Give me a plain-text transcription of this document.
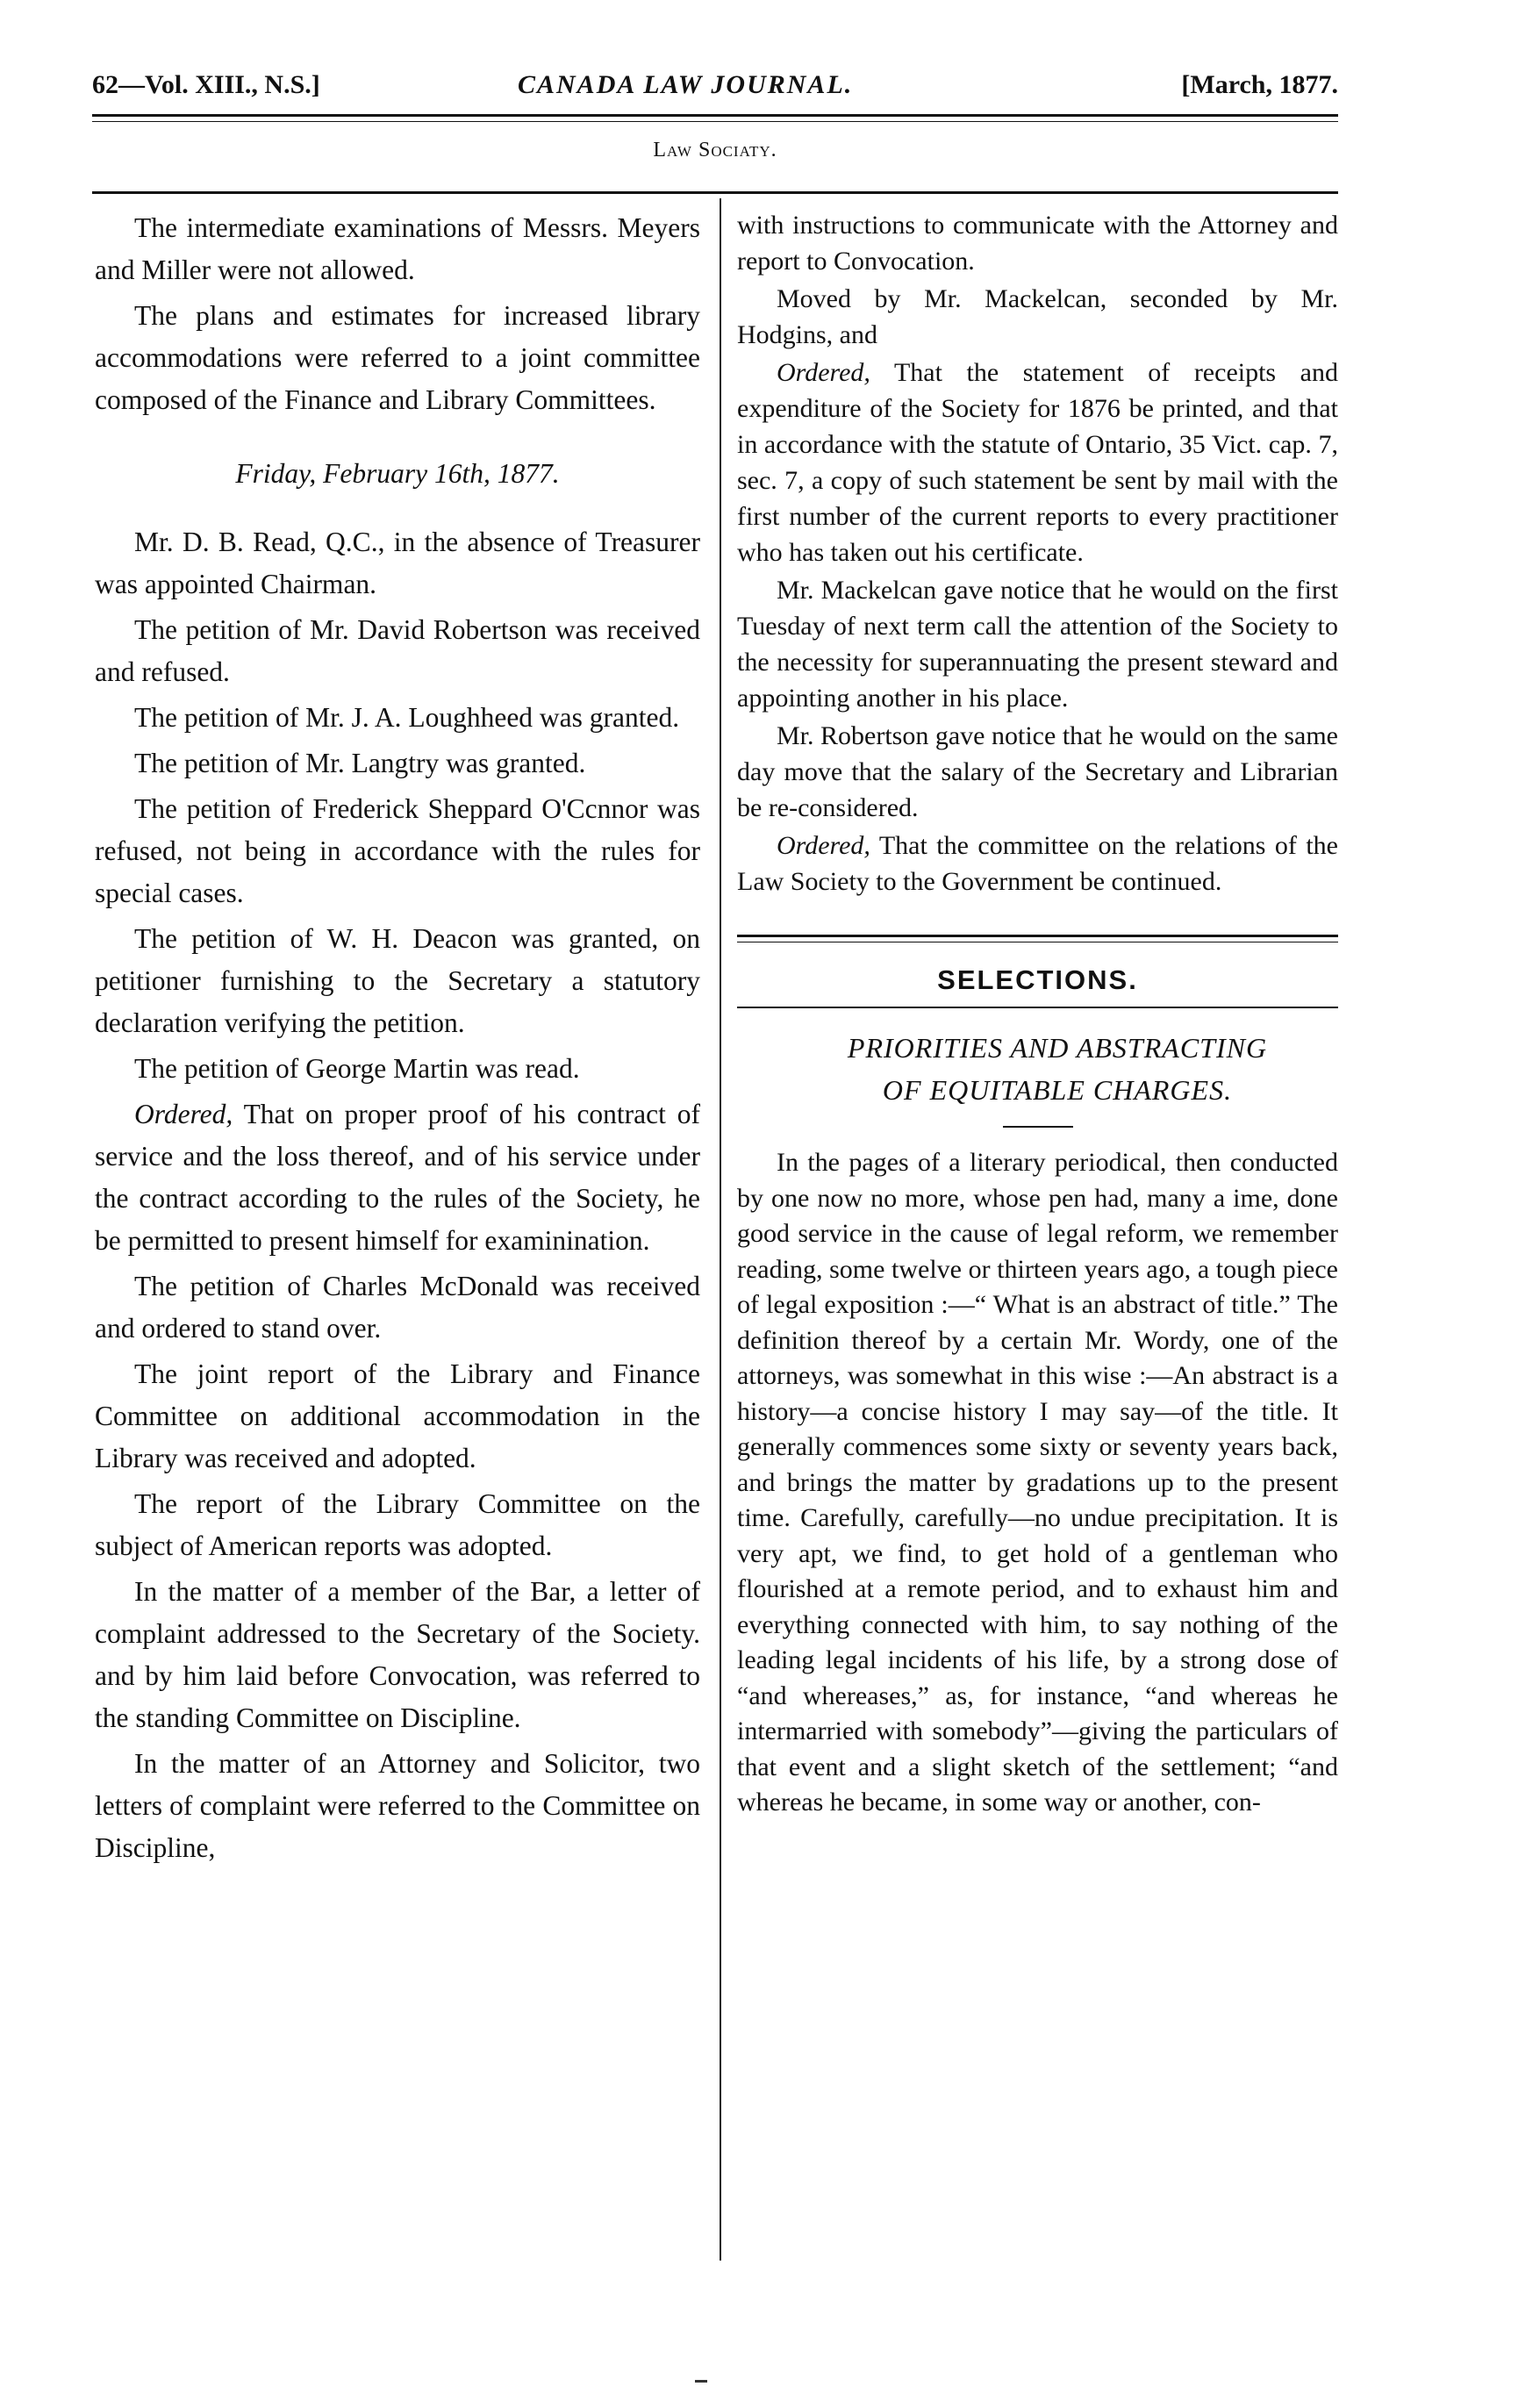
62—Vol. XIII., N.S.]	CANADA LAW JOURNAL.	[March, 1877.
Law Sociaty.

The intermediate examinations of Messrs. Meyers and Miller were not allowed.

The plans and estimates for increased library accommodations were referred to a joint committee composed of the Finance and Library Committees.

Friday, February 16th, 1877.

Mr. D. B. Read, Q.C., in the absence of Treasurer was appointed Chairman.

The petition of Mr. David Robertson was received and refused.

The petition of Mr. J. A. Loughheed was granted.

The petition of Mr. Langtry was granted.

The petition of Frederick Sheppard O'Ccnnor was refused, not being in accordance with the rules for special cases.

The petition of W. H. Deacon was granted, on petitioner furnishing to the Secretary a statutory declaration verifying the petition.

The petition of George Martin was read.

Ordered, That on proper proof of his contract of service and the loss thereof, and of his service under the contract according to the rules of the Society, he be permitted to present himself for examinination.

The petition of Charles McDonald was received and ordered to stand over.

The joint report of the Library and Finance Committee on additional accommodation in the Library was received and adopted.

The report of the Library Committee on the subject of American reports was adopted.

In the matter of a member of the Bar, a letter of complaint addressed to the Secretary of the Society. and by him laid before Convocation, was referred to the standing Committee on Discipline.

In the matter of an Attorney and Solicitor, two letters of complaint were referred to the Committee on Discipline,

with instructions to communicate with the Attorney and report to Convocation.

Moved by Mr. Mackelcan, seconded by Mr. Hodgins, and

Ordered, That the statement of receipts and expenditure of the Society for 1876 be printed, and that in accordance with the statute of Ontario, 35 Vict. cap. 7, sec. 7, a copy of such statement be sent by mail with the first number of the current reports to every practitioner who has taken out his certificate.

Mr. Mackelcan gave notice that he would on the first Tuesday of next term call the attention of the Society to the necessity for superannuating the present steward and appointing another in his place.

Mr. Robertson gave notice that he would on the same day move that the salary of the Secretary and Librarian be re-considered.

Ordered, That the committee on the relations of the Law Society to the Government be continued.

SELECTIONS.

PRIORITIES AND ABSTRACTING

OF EQUITABLE CHARGES.

In the pages of a literary periodical, then conducted by one now no more, whose pen had, many a ime, done good service in the cause of legal reform, we remember reading, some twelve or thirteen years ago, a tough piece of legal exposition :—“ What is an abstract of title.” The definition thereof by a certain Mr. Wordy, one of the attorneys, was somewhat in this wise :—An abstract is a history—a concise history I may say—of the title. It generally commences some sixty or seventy years back, and brings the matter by gradations up to the present time. Carefully, carefully—no undue precipitation. It is very apt, we find, to get hold of a gentleman who flourished at a remote period, and to exhaust him and everything connected with him, to say nothing of the leading legal incidents of his life, by a strong dose of “and whereases,” as, for instance, “and whereas he intermarried with somebody”—giving the particulars of that event and a slight sketch of the settlement; “and whereas he became, in some way or another, con-
